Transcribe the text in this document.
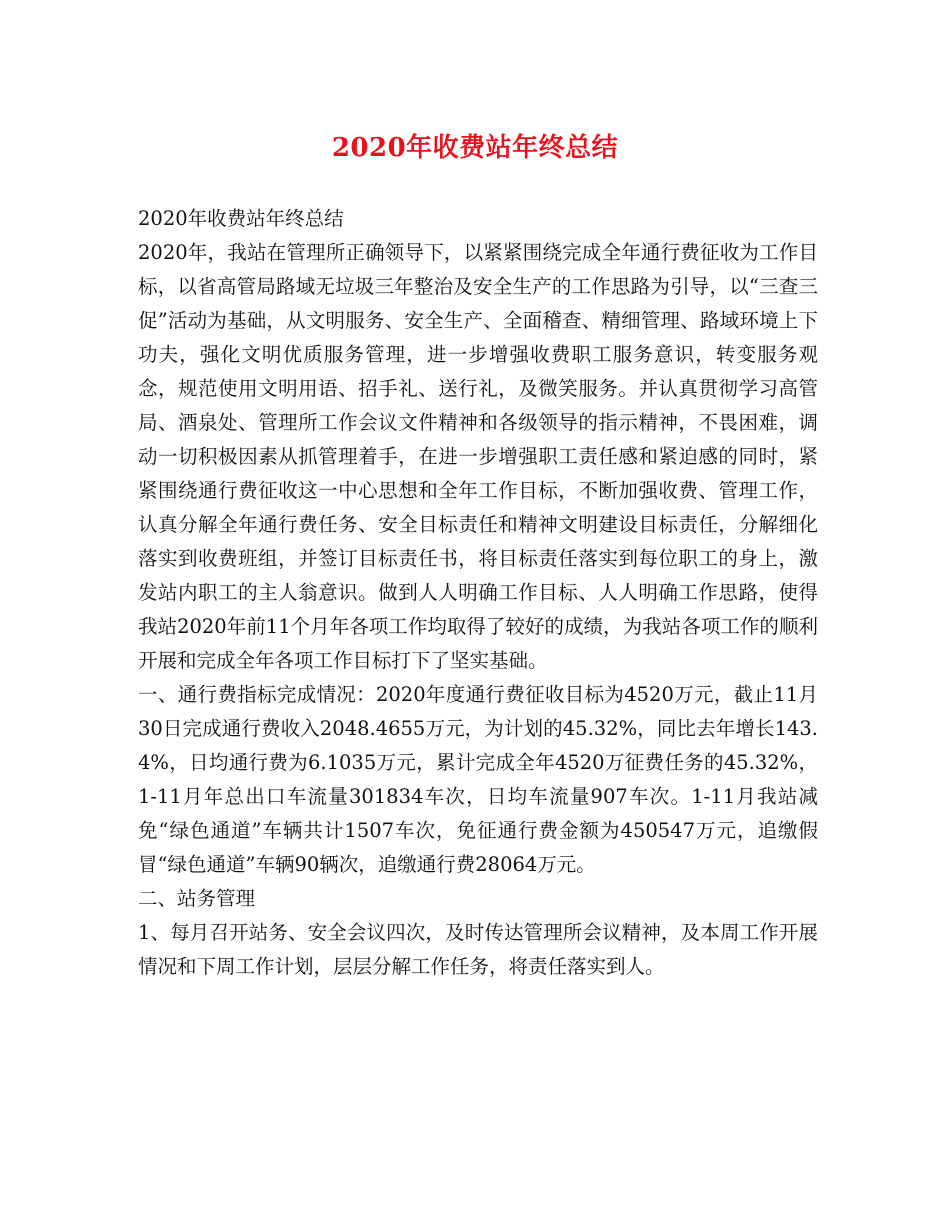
2020年收费站年终总结

2020年收费站年终总结

2020年，我站在管理所正确领导下，以紧紧围绕完成全年通行费征收为工作目标，以省高管局路域无垃圾三年整治及安全生产的工作思路为引导，以“三查三促”活动为基础，从文明服务、安全生产、全面稽查、精细管理、路域环境上下功夫，强化文明优质服务管理，进一步增强收费职工服务意识，转变服务观念，规范使用文明用语、招手礼、送行礼，及微笑服务。并认真贯彻学习高管局、酒泉处、管理所工作会议文件精神和各级领导的指示精神，不畏困难，调动一切积极因素从抓管理着手，在进一步增强职工责任感和紧迫感的同时，紧紧围绕通行费征收这一中心思想和全年工作目标，不断加强收费、管理工作，认真分解全年通行费任务、安全目标责任和精神文明建设目标责任，分解细化落实到收费班组，并签订目标责任书，将目标责任落实到每位职工的身上，激发站内职工的主人翁意识。做到人人明确工作目标、人人明确工作思路，使得我站2020年前11个月年各项工作均取得了较好的成绩，为我站各项工作的顺利开展和完成全年各项工作目标打下了坚实基础。

一、通行费指标完成情况：2020年度通行费征收目标为4520万元，截止11月30日完成通行费收入2048.4655万元，为计划的45.32%，同比去年增长143.4%，日均通行费为6.1035万元，累计完成全年4520万征费任务的45.32%，1-11月年总出口车流量301834车次，日均车流量907车次。1-11月我站减免“绿色通道”车辆共计1507车次，免征通行费金额为450547万元，追缴假冒“绿色通道”车辆90辆次，追缴通行费28064万元。

二、站务管理

1、每月召开站务、安全会议四次，及时传达管理所会议精神，及本周工作开展情况和下周工作计划，层层分解工作任务，将责任落实到人。
